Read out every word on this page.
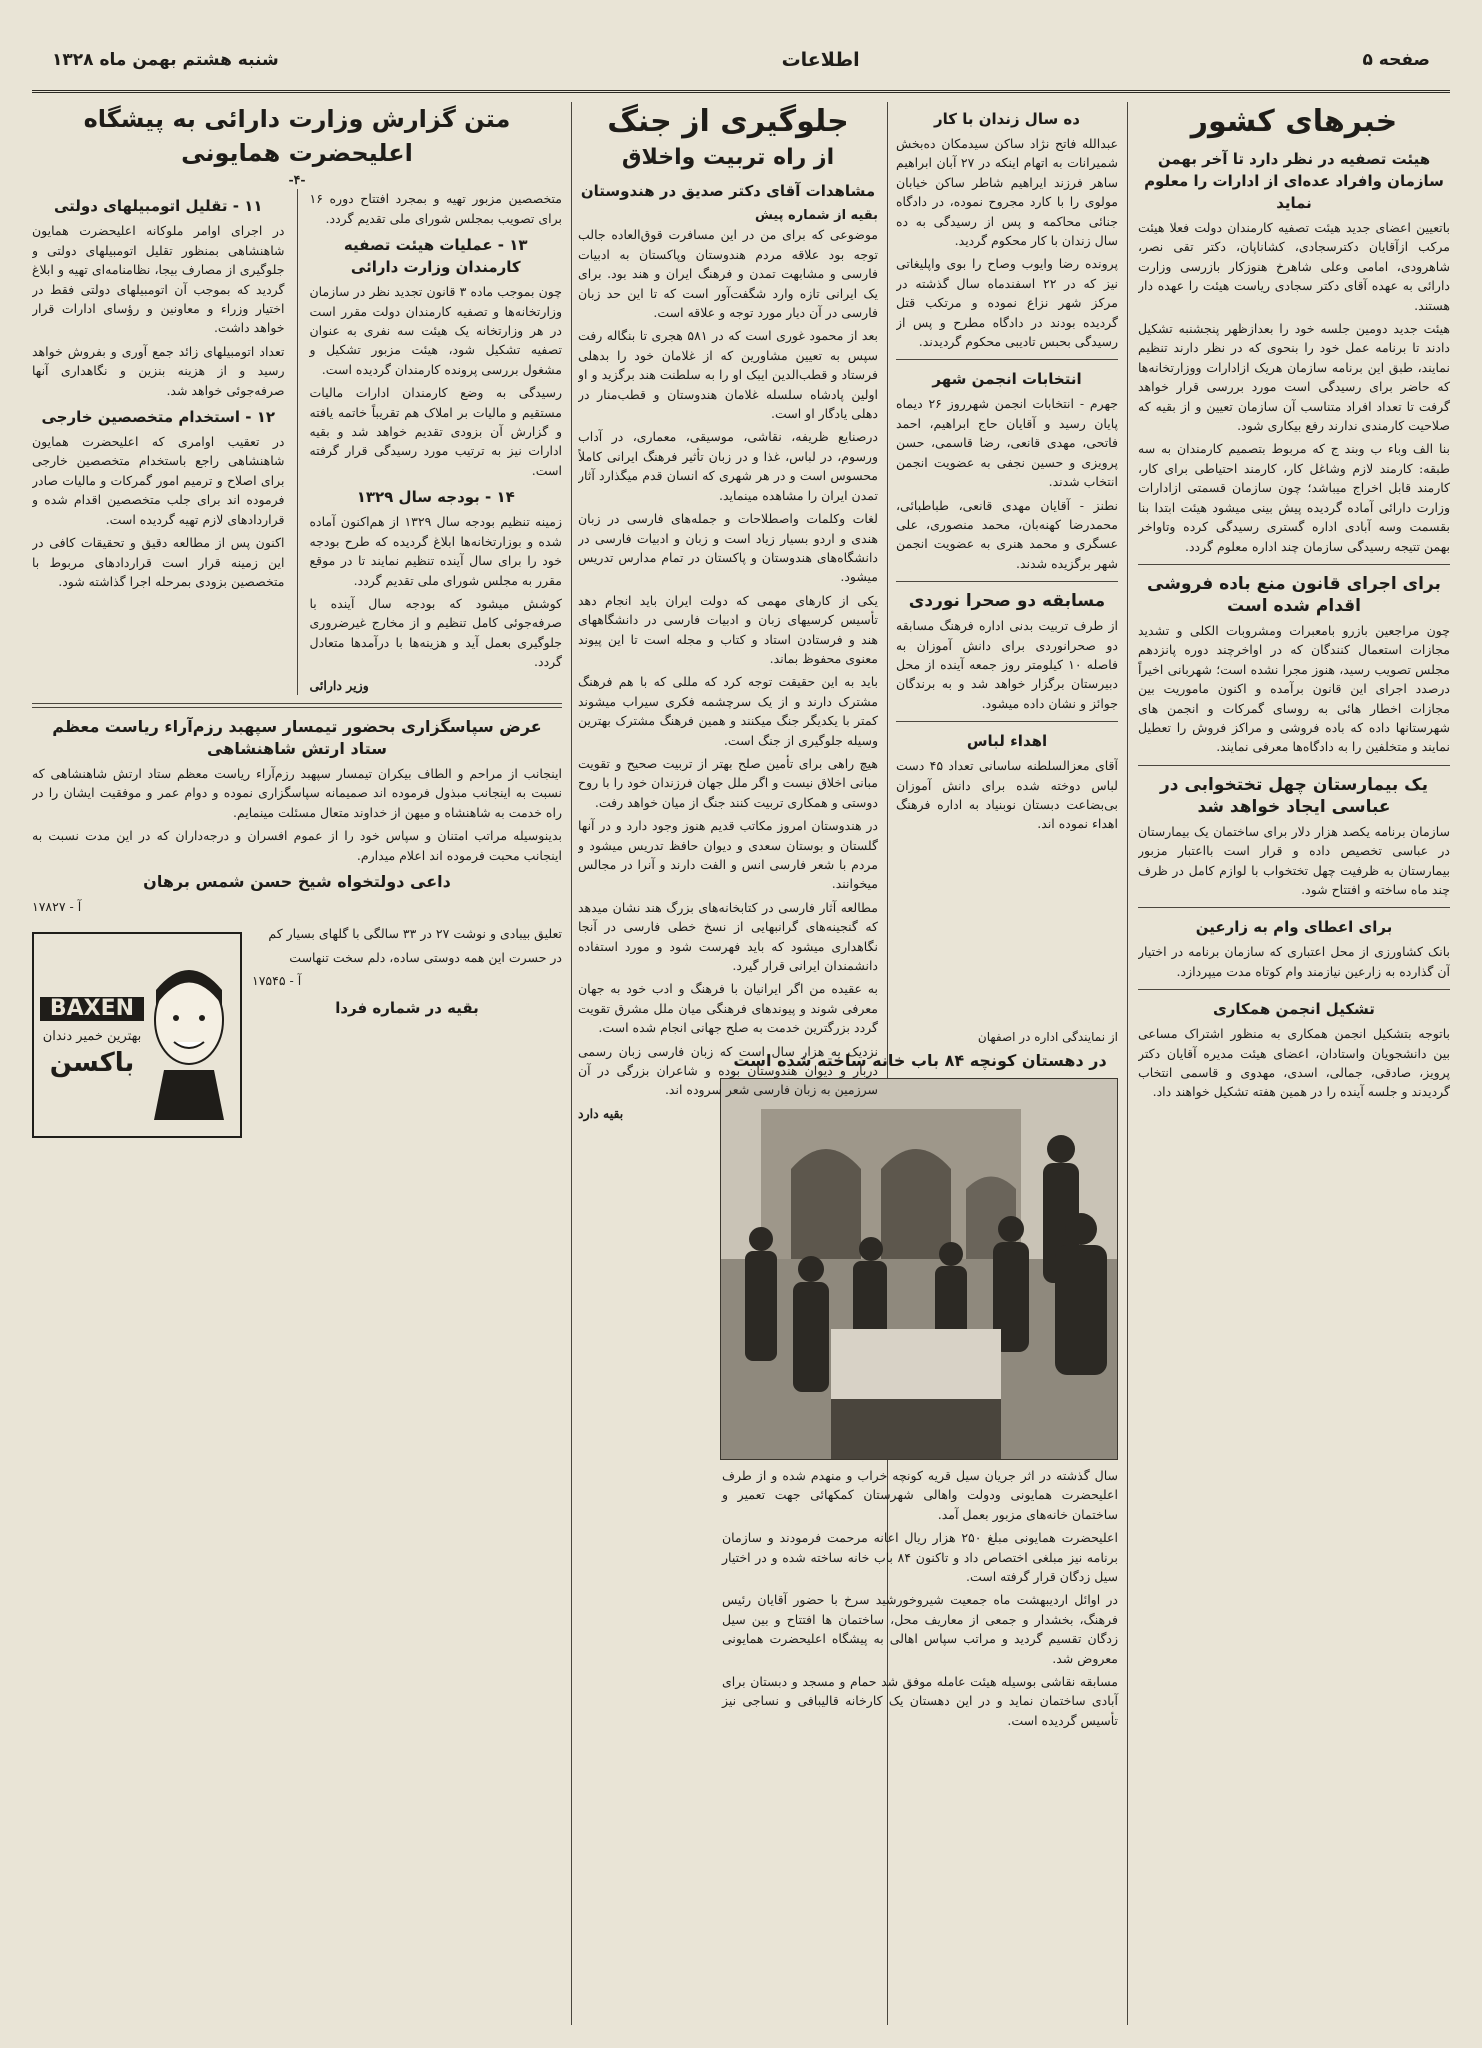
صفحه ۵
اطلاعات
شنبه هشتم بهمن ماه ۱۳۲۸
خبرهای کشور
هیئت تصفیه در نظر دارد تا آخر بهمن سازمان وافراد عده‌ای از ادارات را معلوم نماید

باتعیین اعضای جدید هیئت تصفیه کارمندان دولت فعلا هیئت مرکب ازآقایان دکترسجادی، کشاناپان، دکتر تقی نصر، شاهرودی، امامی وعلی شاهرخ هنوزکار بازرسی وزارت دارائی به عهده آقای دکتر سجادی ریاست هیئت را عهده دار هستند.

هیئت جدید دومین جلسه خود را بعدازظهر پنجشنبه تشکیل دادند تا برنامه عمل خود را بنحوی که در نظر دارند تنظیم نمایند، طبق این برنامه سازمان هریک ازادارات ووزارتخانه‌ها که حاضر برای رسیدگی است مورد بررسی قرار خواهد گرفت تا تعداد افراد متناسب آن سازمان تعیین و از بقیه که صلاحیت کارمندی ندارند رفع بیکاری شود.

بنا الف وباء ب وبند ج که مربوط بتصمیم کارمندان به سه طبقه: کارمند لازم وشاغل کار، کارمند احتیاطی برای کار، کارمند قابل اخراج میباشد؛ چون سازمان قسمتی ازادارات وزارت دارائی آماده گردیده پیش بینی میشود هیئت ابتدا بنا بقسمت وسه آبادی اداره گستری رسیدگی کرده وتاواخر بهمن تتیجه رسیدگی سازمان چند اداره معلوم گردد.

برای اجرای قانون منع باده فروشی اقدام شده است

چون مراجعین بازرو بامعبرات ومشروبات الکلی و تشدید مجازات استعمال کنندگان که در اواخرچند دوره پانزدهم مجلس تصویب رسید، هنوز مجرا نشده است؛ شهربانی اخیراً درصدد اجرای این قانون برآمده و اکنون ماموریت بین مجازات اخطار هائی به روسای گمرکات و انجمن های شهرستانها داده که باده فروشی و مراکز فروش را تعطیل نمایند و متخلفین را به دادگاه‌ها معرفی نمایند.

یک بیمارستان چهل تختخوابی در عباسی ایجاد خواهد شد

سازمان برنامه یکصد هزار دلار برای ساختمان یک بیمارستان در عباسی تخصیص داده و قرار است بااعتبار مزبور بیمارستان به ظرفیت چهل تختخواب با لوازم کامل در ظرف چند ماه ساخته و افتتاح شود.

برای اعطای وام به زارعین

بانک کشاورزی از محل اعتباری که سازمان برنامه در اختیار آن گذارده به زارعین نیازمند وام کوتاه مدت میپردازد.

تشکیل انجمن همکاری

باتوجه بتشکیل انجمن همکاری به منظور اشتراک مساعی بین دانشجویان واستادان، اعضای هیئت مدیره آقایان دکتر پرویز، صادقی، جمالی، اسدی، مهدوی و قاسمی انتخاب گردیدند و جلسه آینده را در همین هفته تشکیل خواهند داد.

ده سال زندان با کار

عبدالله فاتح نژاد ساکن سیدمکان ده‌بخش شمیرانات به اتهام اینکه در ۲۷ آبان ابراهیم ساهر فرزند ایراهیم شاطر ساکن خیابان مولوی را با کارد مجروح نموده، در دادگاه جنائی محاکمه و پس از رسیدگی به ده سال زندان با کار محکوم گردید.

پرونده رضا وایوب وصاح را بوی واپلیغاتی نیز که در ۲۲ اسفندماه سال گذشته در مرکز شهر نزاع نموده و مرتکب قتل گردیده بودند در دادگاه مطرح و پس از رسیدگی بحبس تادیبی محکوم گردیدند.

انتخابات انجمن شهر

جهرم - انتخابات انجمن شهرروز ۲۶ دیماه پایان رسید و آقایان حاج ابراهیم، احمد فاتحی، مهدی قانعی، رضا قاسمی، حسن پرویزی و حسین نجفی به عضویت انجمن انتخاب شدند.

نطنز - آقایان مهدی قانعی، طباطبائی، محمدرضا کهنه‌بان، محمد منصوری، علی عسگری و محمد هنری به عضویت انجمن شهر برگزیده شدند.

مسابقه دو صحرا نوردی

از طرف تربیت بدنی اداره فرهنگ مسابقه دو صحرانوردی برای دانش آموزان به فاصله ۱۰ کیلومتر روز جمعه آینده از محل دبیرستان برگزار خواهد شد و به برندگان جوائز و نشان داده میشود.

اهداء لباس

آقای معزالسلطنه ساسانی تعداد ۴۵ دست لباس دوخته شده برای دانش آموزان بی‌بضاعت دبستان نوبنیاد به اداره فرهنگ اهداء نموده اند.

از نمایندگی اداره در اصفهان
در دهستان کونچه ۸۴ باب خانه ساخته شده است

سال گذشته در اثر جریان سیل قریه کونچه خراب و منهدم شده و از طرف اعلیحضرت همایونی ودولت واهالی شهرستان کمکهائی جهت تعمیر و ساختمان خانه‌های مزبور بعمل آمد.

اعلیحضرت همایونی مبلغ ۲۵۰ هزار ریال اعانه مرحمت فرمودند و سازمان برنامه نیز مبلغی اختصاص داد و تاکنون ۸۴ باب خانه ساخته شده و در اختیار سیل زدگان قرار گرفته است.

در اوائل اردیبهشت ماه جمعیت شیروخورشید سرخ با حضور آقایان رئیس فرهنگ، بخشدار و جمعی از معاریف محل، ساختمان ها افتتاح و بین سیل زدگان تقسیم گردید و مراتب سپاس اهالی به پیشگاه اعلیحضرت همایونی معروض شد.

مسابقه نقاشی بوسیله هیئت عامله موفق شد حمام و مسجد و دبستان برای آبادی ساختمان نماید و در این دهستان یک کارخانه قالیبافی و نساجی نیز تأسیس گردیده است.

جلوگیری از جنگ
از راه تربیت واخلاق
مشاهدات آقای دکتر صدیق در هندوستان
بقیه از شماره پیش

موضوعی که برای من در این مسافرت قوق‌العاده جالب توجه بود علاقه مردم هندوستان وپاکستان به ادبیات فارسی و مشابهت تمدن و فرهنگ ایران و هند بود. برای یک ایرانی تازه وارد شگفت‌آور است که تا این حد زبان فارسی در آن دیار مورد توجه و علاقه است.

بعد از محمود غوری است که در ۵۸۱ هجری تا بنگاله رفت سپس به تعیین مشاورین که از غلامان خود را بدهلی فرستاد و قطب‌الدین ایبک او را به سلطنت هند برگزید و او اولین پادشاه سلسله غلامان هندوستان و قطب‌منار در دهلی یادگار او است.

درصنایع ظریفه، نقاشی، موسیقی، معماری، در آداب ورسوم، در لباس، غذا و در زبان تأثیر فرهنگ ایرانی کاملاً محسوس است و در هر شهری که انسان قدم میگذارد آثار تمدن ایران را مشاهده مینماید.

لغات وکلمات واصطلاحات و جمله‌های فارسی در زبان هندی و اردو بسیار زیاد است و زبان و ادبیات فارسی در دانشگاه‌های هندوستان و پاکستان در تمام مدارس تدریس میشود.

یکی از کارهای مهمی که دولت ایران باید انجام دهد تأسیس کرسیهای زبان و ادبیات فارسی در دانشگاههای هند و فرستادن استاد و کتاب و مجله است تا این پیوند معنوی محفوظ بماند.

باید به این حقیقت توجه کرد که مللی که با هم فرهنگ مشترک دارند و از یک سرچشمه فکری سیراب میشوند کمتر با یکدیگر جنگ میکنند و همین فرهنگ مشترک بهترین وسیله جلوگیری از جنگ است.

هیچ راهی برای تأمین صلح بهتر از تربیت صحیح و تقویت مبانی اخلاق نیست و اگر ملل جهان فرزندان خود را با روح دوستی و همکاری تربیت کنند جنگ از میان خواهد رفت.

در هندوستان امروز مکاتب قدیم هنوز وجود دارد و در آنها گلستان و بوستان سعدی و دیوان حافظ تدریس میشود و مردم با شعر فارسی انس و الفت دارند و آنرا در مجالس میخوانند.

مطالعه آثار فارسی در کتابخانه‌های بزرگ هند نشان میدهد که گنجینه‌های گرانبهایی از نسخ خطی فارسی در آنجا نگاهداری میشود که باید فهرست شود و مورد استفاده دانشمندان ایرانی قرار گیرد.

به عقیده من اگر ایرانیان با فرهنگ و ادب خود به جهان معرفی شوند و پیوندهای فرهنگی میان ملل مشرق تقویت گردد بزرگترین خدمت به صلح جهانی انجام شده است.

نزدیک به هزار سال است که زبان فارسی زبان رسمی دربار و دیوان هندوستان بوده و شاعران بزرگی در آن سرزمین به زبان فارسی شعر سروده اند.

بقیه دارد
متن گزارش وزارت دارائی به پیشگاه اعلیحضرت همایونی
-۴-

متخصصین مزبور تهیه و بمجرد افتتاح دوره ۱۶ برای تصویب بمجلس شورای ملی تقدیم گردد.

۱۳ - عملیات هیئت تصفیه کارمندان وزارت دارائی

چون بموجب ماده ۳ قانون تجدید نظر در سازمان وزارتخانه‌ها و تصفیه کارمندان دولت مقرر است در هر وزارتخانه یک هیئت سه نفری به عنوان تصفیه تشکیل شود، هیئت مزبور تشکیل و مشغول بررسی پرونده کارمندان گردیده است.

رسیدگی به وضع کارمندان ادارات مالیات مستقیم و مالیات بر املاک هم تقریباً خاتمه یافته و گزارش آن بزودی تقدیم خواهد شد و بقیه ادارات نیز به ترتیب مورد رسیدگی قرار گرفته است.

۱۴ - بودجه سال ۱۳۲۹

زمینه تنظیم بودجه سال ۱۳۲۹ از هم‌اکنون آماده شده و بوزارتخانه‌ها ابلاغ گردیده که طرح بودجه خود را برای سال آینده تنظیم نمایند تا در موقع مقرر به مجلس شورای ملی تقدیم گردد.

کوشش میشود که بودجه سال آینده با صرفه‌جوئی کامل تنظیم و از مخارج غیرضروری جلوگیری بعمل آید و هزینه‌ها با درآمدها متعادل گردد.

وزیر دارائی
۱۱ - تقلیل اتومبیلهای دولتی

در اجرای اوامر ملوکانه اعلیحضرت همایون شاهنشاهی بمنظور تقلیل اتومبیلهای دولتی و جلوگیری از مصارف بیجا، نظامنامه‌ای تهیه و ابلاغ گردید که بموجب آن اتومبیلهای دولتی فقط در اختیار وزراء و معاونین و رؤسای ادارات قرار خواهد داشت.

تعداد اتومبیلهای زائد جمع آوری و بفروش خواهد رسید و از هزینه بنزین و نگاهداری آنها صرفه‌جوئی خواهد شد.

۱۲ - استخدام متخصصین خارجی

در تعقیب اوامری که اعلیحضرت همایون شاهنشاهی راجع باستخدام متخصصین خارجی برای اصلاح و ترمیم امور گمرکات و مالیات صادر فرموده اند برای جلب متخصصین اقدام شده و قراردادهای لازم تهیه گردیده است.

اکنون پس از مطالعه دقیق و تحقیقات کافی در این زمینه قرار است قراردادهای مربوط با متخصصین بزودی بمرحله اجرا گذاشته شود.

عرض سپاسگزاری بحضور تیمسار سپهبد رزم‌آراء ریاست معظم ستاد ارتش شاهنشاهی

اینجانب از مراحم و الطاف بیکران تیمسار سپهبد رزم‌آراء ریاست معظم ستاد ارتش شاهنشاهی که نسبت به اینجانب مبذول فرموده اند صمیمانه سپاسگزاری نموده و دوام عمر و موفقیت ایشان را در راه خدمت به شاهنشاه و میهن از خداوند متعال مسئلت مینمایم.

بدینوسیله مراتب امتنان و سپاس خود را از عموم افسران و درجه‌داران که در این مدت نسبت به اینجانب محبت فرموده اند اعلام میدارم.

داعی دولتخواه شیخ حسن شمس برهان
آ - ۱۷۸۲۷

تعلیق بیبادی و نوشت ۲۷ در ۳۳ سالگی با گلهای بسیار کم

در حسرت این همه دوستی ساده، دلم سخت تنهاست

آ - ۱۷۵۴۵
بقیه در شماره فردا
BAXEN
بهترین خمیر دندان
باکسن
